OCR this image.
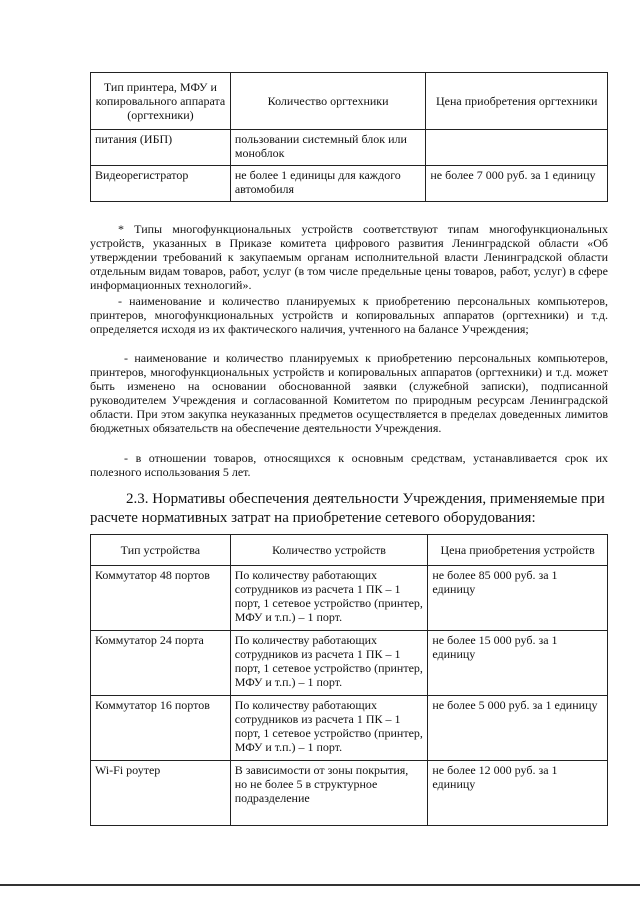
Тип принтера, МФУ и копировального аппарата (оргтехники)	Количество оргтехники	Цена приобретения оргтехники
питания (ИБП)	пользовании системный блок или моноблок	
Видеорегистратор	не более 1 единицы для каждого автомобиля	не более 7 000 руб. за 1 единицу
* Типы многофункциональных устройств соответствуют типам многофункциональных устройств, указанных в Приказе комитета цифрового развития Ленинградской области «Об утверждении требований к закупаемым органам исполнительной власти Ленинградской области отдельным видам товаров, работ, услуг (в том числе предельные цены товаров, работ, услуг) в сфере информационных технологий».
- наименование и количество планируемых к приобретению персональных компьютеров, принтеров, многофункциональных устройств и копировальных аппаратов (оргтехники) и т.д. определяется исходя из их фактического наличия, учтенного на балансе Учреждения;
- наименование и количество планируемых к приобретению персональных компьютеров, принтеров, многофункциональных устройств и копировальных аппаратов (оргтехники) и т.д. может быть изменено на основании обоснованной заявки (служебной записки), подписанной руководителем Учреждения и согласованной Комитетом по природным ресурсам Ленинградской области. При этом закупка неуказанных предметов осуществляется в пределах доведенных лимитов бюджетных обязательств на обеспечение деятельности Учреждения.
- в отношении товаров, относящихся к основным средствам, устанавливается срок их полезного использования 5 лет.
2.3. Нормативы обеспечения деятельности Учреждения, применяемые при расчете нормативных затрат на приобретение сетевого оборудования:
Тип устройства	Количество устройств	Цена приобретения устройств
Коммутатор 48 портов	По количеству работающих сотрудников из расчета 1 ПК – 1 порт, 1 сетевое устройство (принтер, МФУ и т.п.) – 1 порт.	не более 85 000 руб. за 1 единицу
Коммутатор 24 порта	По количеству работающих сотрудников из расчета 1 ПК – 1 порт, 1 сетевое устройство (принтер, МФУ и т.п.) – 1 порт.	не более 15 000 руб. за 1 единицу
Коммутатор 16 портов	По количеству работающих сотрудников из расчета 1 ПК – 1 порт, 1 сетевое устройство (принтер, МФУ и т.п.) – 1 порт.	не более 5 000 руб. за 1 единицу
Wi-Fi роутер	В зависимости от зоны покрытия, но не более 5 в структурное подразделение	не более 12 000 руб. за 1 единицу
